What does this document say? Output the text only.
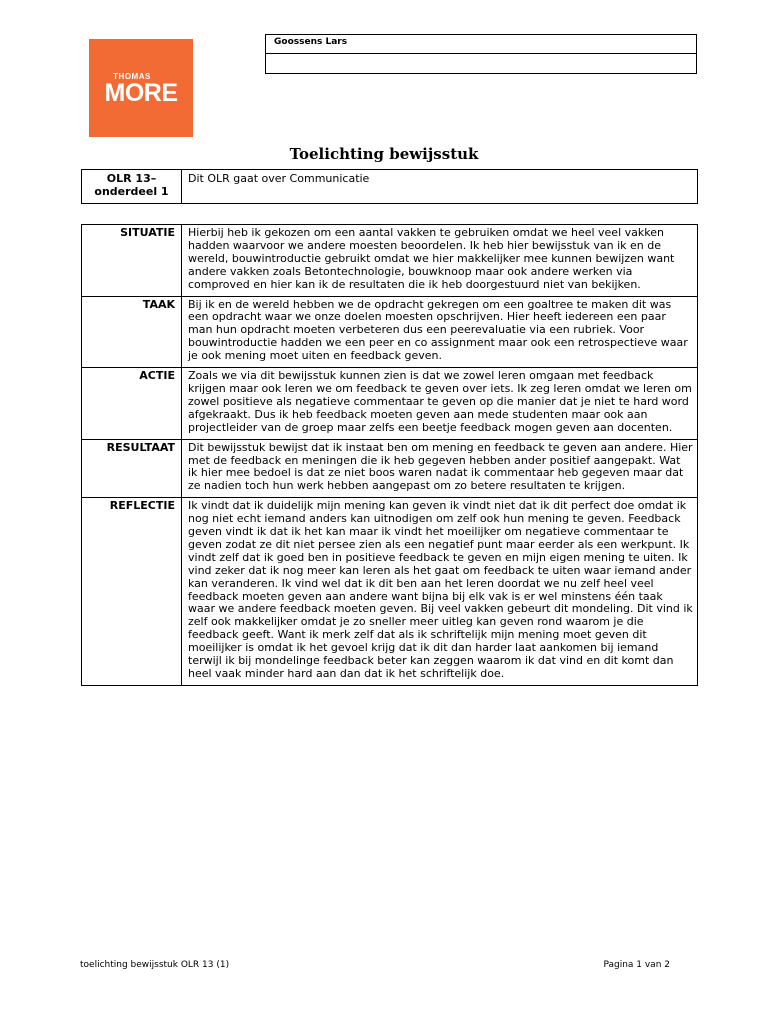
THOMAS
MORE
Goossens Lars
Toelichting bewijsstuk
OLR 13–
onderdeel 1
Dit OLR gaat over Communicatie
SITUATIE	Hierbij heb ik gekozen om een aantal vakken te gebruiken omdat we heel veel vakken hadden waarvoor we andere moesten beoordelen. Ik heb hier bewijsstuk van ik en de wereld, bouwintroductie gebruikt omdat we hier makkelijker mee kunnen bewijzen want andere vakken zoals Betontechnologie, bouwknoop maar ook andere werken via comproved en hier kan ik de resultaten die ik heb doorgestuurd niet van bekijken.
TAAK	Bij ik en de wereld hebben we de opdracht gekregen om een goaltree te maken dit was een opdracht waar we onze doelen moesten opschrijven. Hier heeft iedereen een paar man hun opdracht moeten verbeteren dus een peerevaluatie via een rubriek. Voor bouwintroductie hadden we een peer en co assignment maar ook een retrospectieve waar je ook mening moet uiten en feedback geven.
ACTIE	Zoals we via dit bewijsstuk kunnen zien is dat we zowel leren omgaan met feedback krijgen maar ook leren we om feedback te geven over iets. Ik zeg leren omdat we leren om zowel positieve als negatieve commentaar te geven op die manier dat je niet te hard word afgekraakt. Dus ik heb feedback moeten geven aan mede studenten maar ook aan projectleider van de groep maar zelfs een beetje feedback mogen geven aan docenten.
RESULTAAT	Dit bewijsstuk bewijst dat ik instaat ben om mening en feedback te geven aan andere. Hier met de feedback en meningen die ik heb gegeven hebben ander positief aangepakt. Wat ik hier mee bedoel is dat ze niet boos waren nadat ik commentaar heb gegeven maar dat ze nadien toch hun werk hebben aangepast om zo betere resultaten te krijgen.
REFLECTIE	Ik vindt dat ik duidelijk mijn mening kan geven ik vindt niet dat ik dit perfect doe omdat ik nog niet echt iemand anders kan uitnodigen om zelf ook hun mening te geven. Feedback geven vindt ik dat ik het kan maar ik vindt het moeilijker om negatieve commentaar te geven zodat ze dit niet persee zien als een negatief punt maar eerder als een werkpunt. Ik vindt zelf dat ik goed ben in positieve feedback te geven en mijn eigen mening te uiten. Ik vind zeker dat ik nog meer kan leren als het gaat om feedback te uiten waar iemand ander kan veranderen. Ik vind wel dat ik dit ben aan het leren doordat we nu zelf heel veel feedback moeten geven aan andere want bijna bij elk vak is er wel minstens één taak waar we andere feedback moeten geven. Bij veel vakken gebeurt dit mondeling. Dit vind ik zelf ook makkelijker omdat je zo sneller meer uitleg kan geven rond waarom je die feedback geeft. Want ik merk zelf dat als ik schriftelijk mijn mening moet geven dit moeilijker is omdat ik het gevoel krijg dat ik dit dan harder laat aankomen bij iemand terwijl ik bij mondelinge feedback beter kan zeggen waarom ik dat vind en dit komt dan heel vaak minder hard aan dan dat ik het schriftelijk doe.
toelichting bewijsstuk OLR 13 (1)	Pagina 1 van 2
